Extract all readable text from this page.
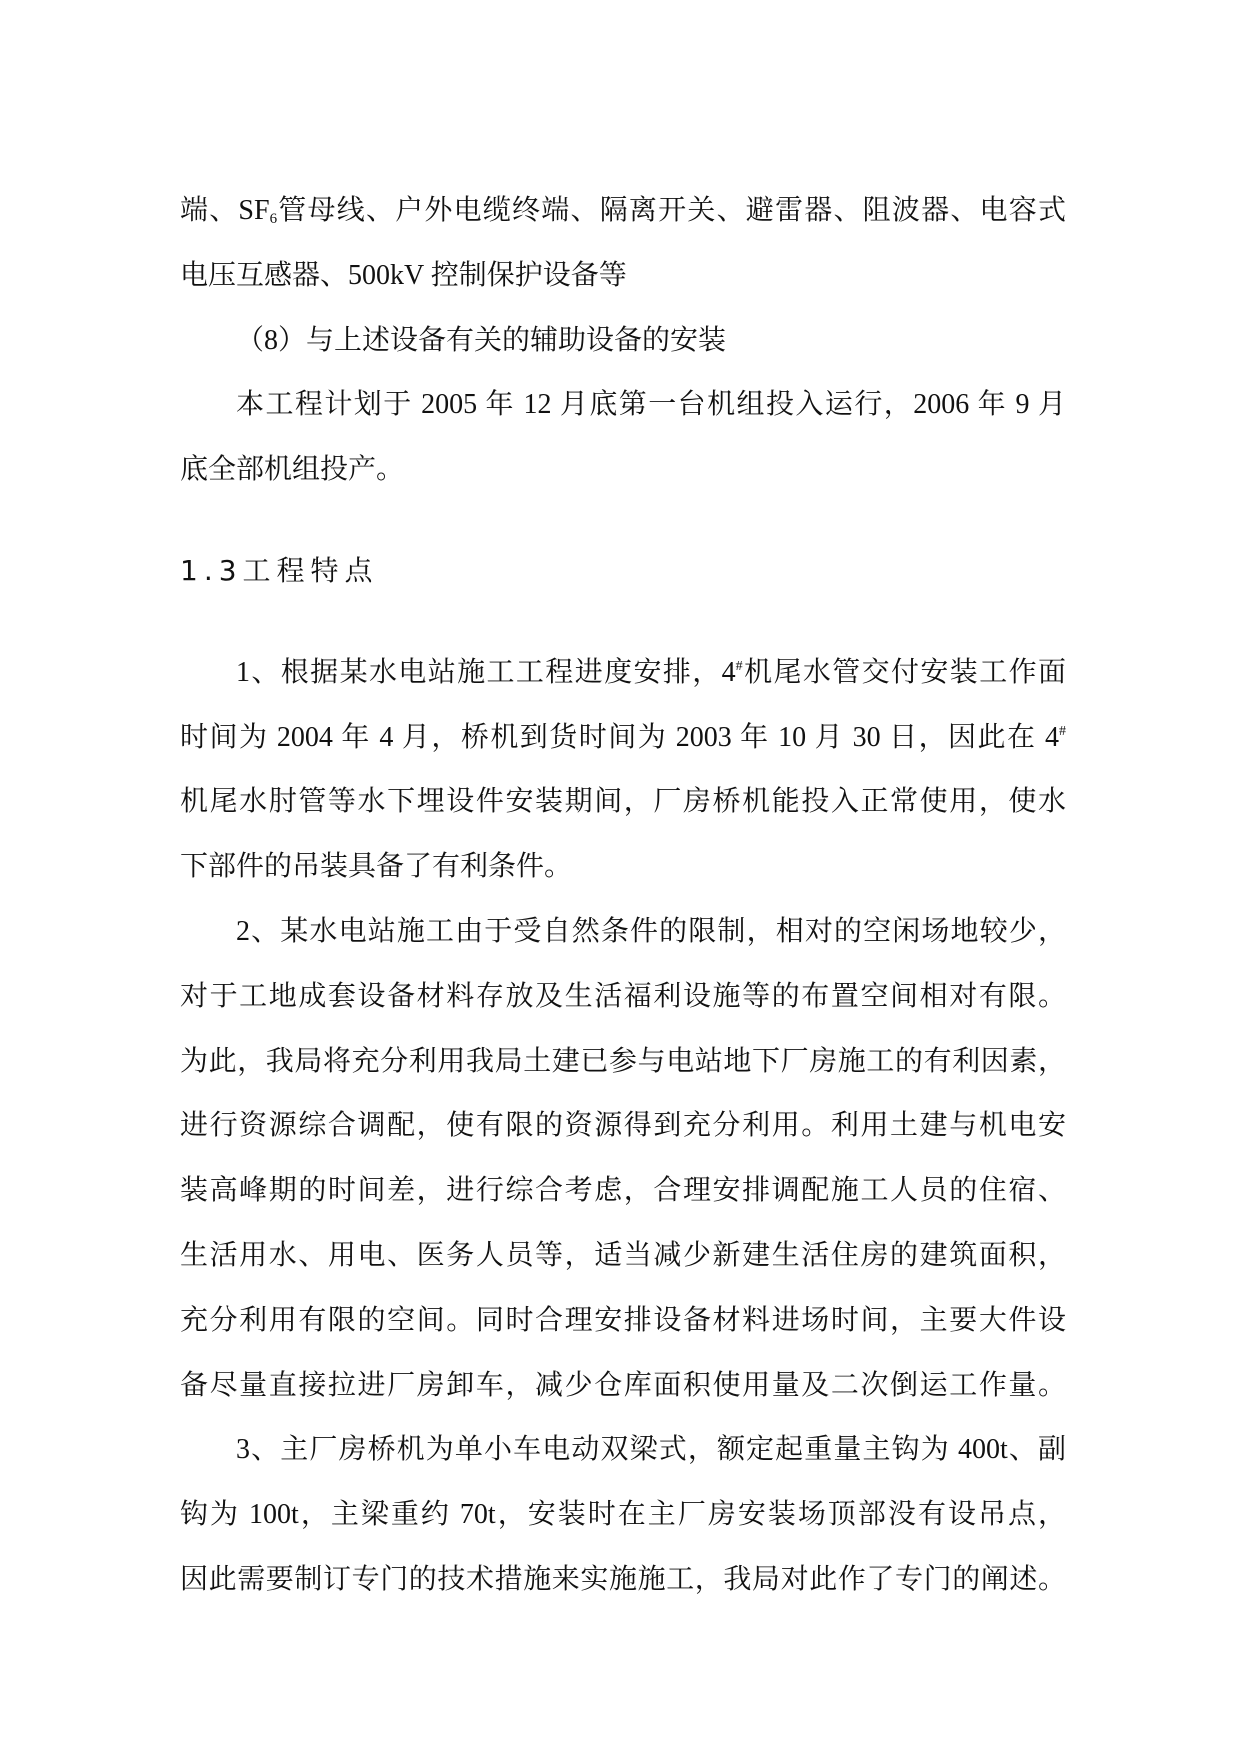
端、$SF_6$管母线、户外电缆终端、隔离开关、避雷器、阻波器、电容式
电压互感器、500kV 控制保护设备等
（8）与上述设备有关的辅助设备的安装
本工程计划于 2005 年 12 月底第一台机组投入运行，2006 年 9 月
底全部机组投产。
1.3工程特点
1、根据某水电站施工工程进度安排，4#机尾水管交付安装工作面
时间为 2004 年 4 月，桥机到货时间为 2003 年 10 月 30 日，因此在 4#
机尾水肘管等水下埋设件安装期间，厂房桥机能投入正常使用，使水
下部件的吊装具备了有利条件。
2、某水电站施工由于受自然条件的限制，相对的空闲场地较少，
对于工地成套设备材料存放及生活福利设施等的布置空间相对有限。
为此，我局将充分利用我局土建已参与电站地下厂房施工的有利因素，
进行资源综合调配，使有限的资源得到充分利用。利用土建与机电安
装高峰期的时间差，进行综合考虑，合理安排调配施工人员的住宿、
生活用水、用电、医务人员等，适当减少新建生活住房的建筑面积，
充分利用有限的空间。同时合理安排设备材料进场时间，主要大件设
备尽量直接拉进厂房卸车，减少仓库面积使用量及二次倒运工作量。
3、主厂房桥机为单小车电动双梁式，额定起重量主钩为 400t、副
钩为 100t，主梁重约 70t，安装时在主厂房安装场顶部没有设吊点，
因此需要制订专门的技术措施来实施施工，我局对此作了专门的阐述。
